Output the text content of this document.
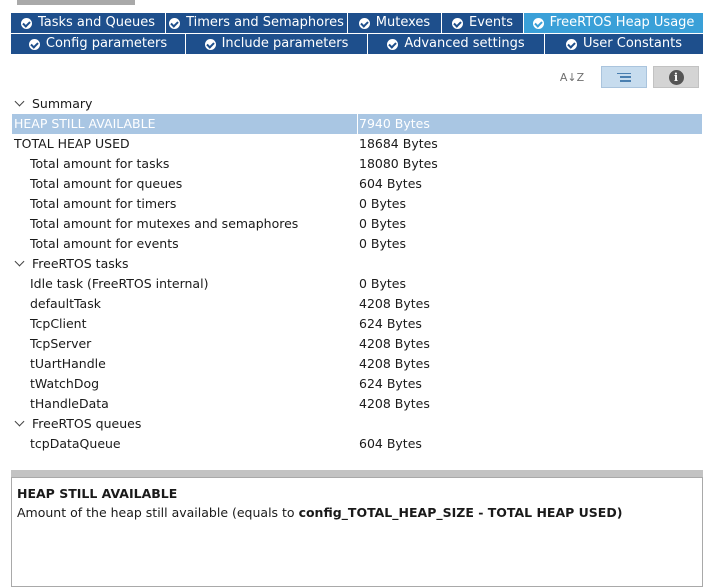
Tasks and Queues Timers and Semaphores Mutexes	Events	FreeRTOS Heap Usage
Config parameters	Include parameters	Advanced settings	User Constants
A↓Z	i
Summary
HEAP STILL AVAILABLE	7940 Bytes
TOTAL HEAP USED	18684 Bytes
Total amount for tasks	18080 Bytes
Total amount for queues	604 Bytes
Total amount for timers	0 Bytes
Total amount for mutexes and semaphores	0 Bytes
Total amount for events	0 Bytes
FreeRTOS tasks
Idle task (FreeRTOS internal)	0 Bytes
defaultTask	4208 Bytes
TcpClient	624 Bytes
TcpServer	4208 Bytes
tUartHandle	4208 Bytes
tWatchDog	624 Bytes
tHandleData	4208 Bytes
FreeRTOS queues
tcpDataQueue	604 Bytes
HEAP STILL AVAILABLE
Amount of the heap still available (equals to config_TOTAL_HEAP_SIZE - TOTAL HEAP USED)
